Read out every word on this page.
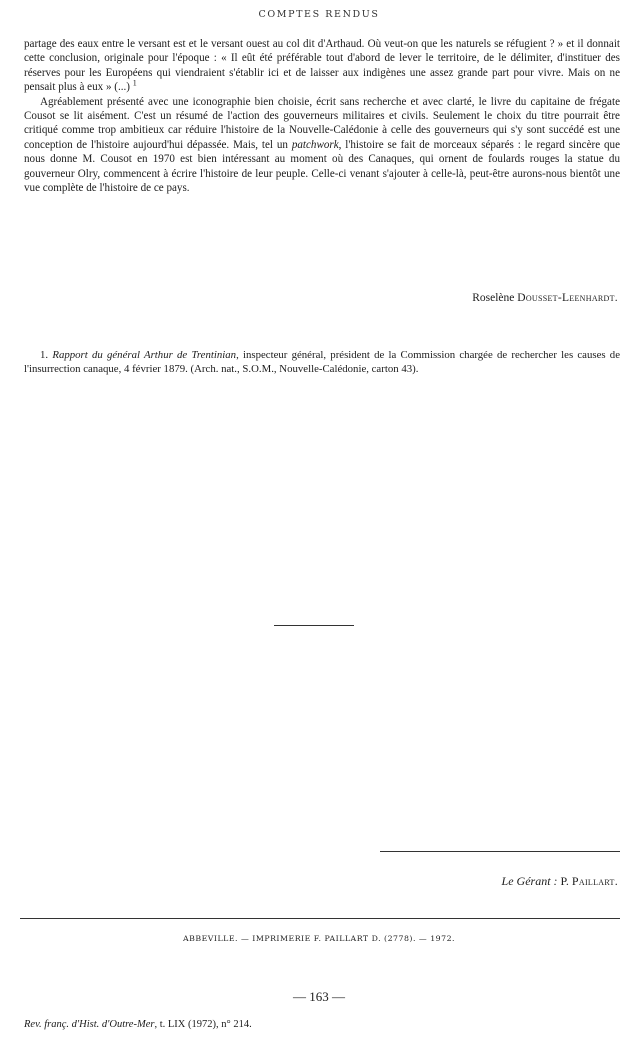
COMPTES RENDUS

partage des eaux entre le versant est et le versant ouest au col dit d'Arthaud. Où veut-on que les naturels se réfugient ? » et il donnait cette conclusion, originale pour l'époque : « Il eût été préférable tout d'abord de lever le territoire, de le délimiter, d'instituer des réserves pour les Européens qui viendraient s'établir ici et de laisser aux indigènes une assez grande part pour vivre. Mais on ne pensait plus à eux » (...) $^1$

Agréablement présenté avec une iconographie bien choisie, écrit sans recherche et avec clarté, le livre du capitaine de frégate Cousot se lit aisément. C'est un résumé de l'action des gouverneurs militaires et civils. Seulement le choix du titre pourrait être critiqué comme trop ambitieux car réduire l'histoire de la Nouvelle-Calédonie à celle des gouverneurs qui s'y sont succédé est une conception de l'histoire aujourd'hui dépassée. Mais, tel un patchwork, l'histoire se fait de morceaux séparés : le regard sincère que nous donne M. Cousot en 1970 est bien intéressant au moment où des Canaques, qui ornent de foulards rouges la statue du gouverneur Olry, commencent à écrire l'histoire de leur peuple. Celle-ci venant s'ajouter à celle-là, peut-être aurons-nous bientôt une vue complète de l'histoire de ce pays.

Roselène Dousset-Leenhardt.
1. Rapport du général Arthur de Trentinian, inspecteur général, président de la Commission chargée de rechercher les causes de l'insurrection canaque, 4 février 1879. (Arch. nat., S.O.M., Nouvelle-Calédonie, carton 43).
Le Gérant : P. Paillart.
ABBEVILLE. — IMPRIMERIE F. PAILLART D. (2778). — 1972.
— 163 —
Rev. franç. d'Hist. d'Outre-Mer, t. LIX (1972), n° 214.
